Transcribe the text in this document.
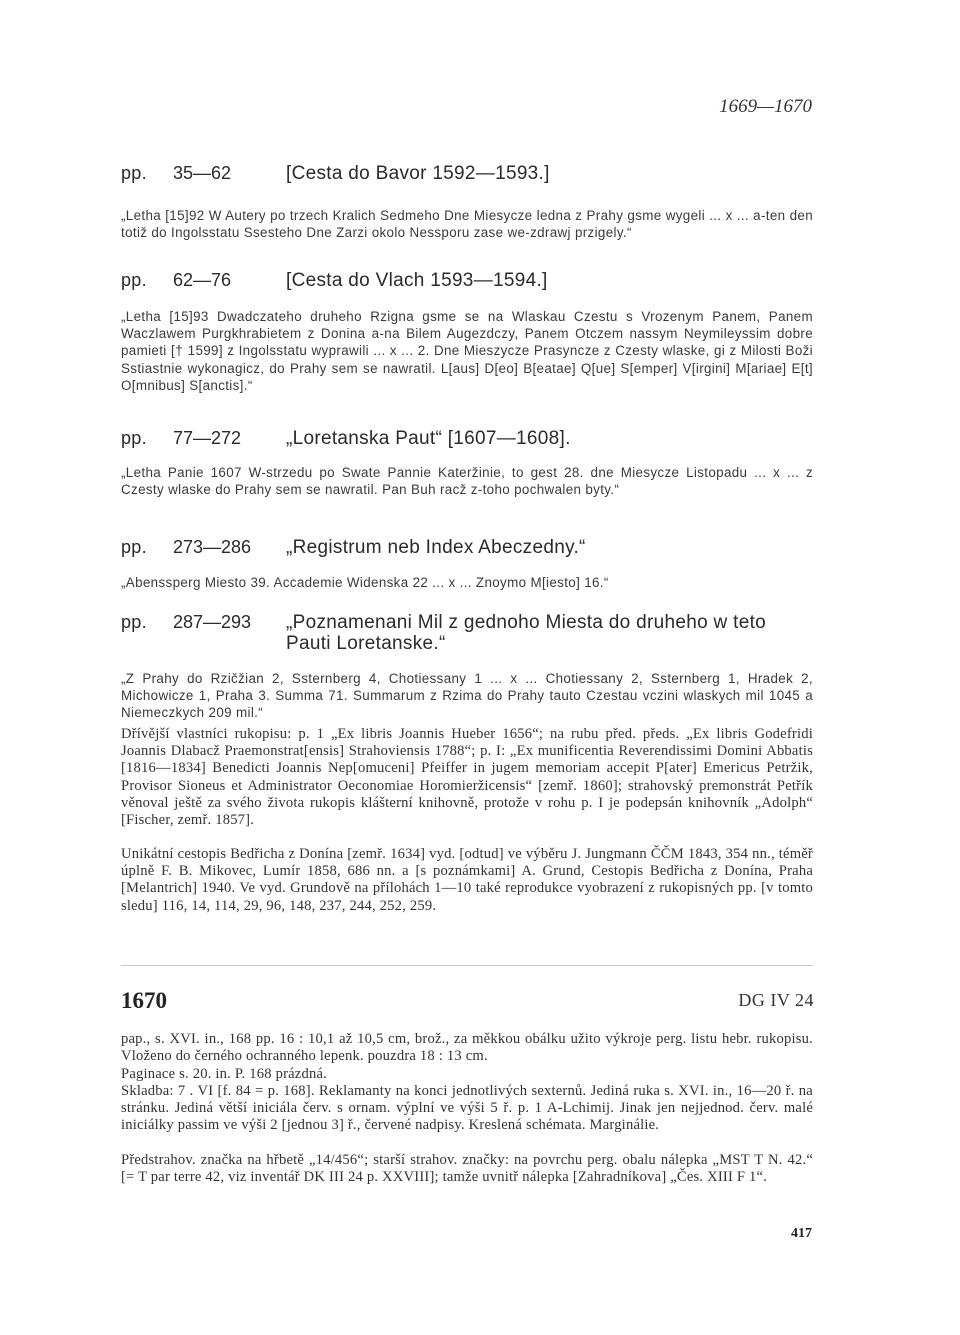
1669—1670
pp. 35—62	[Cesta do Bavor 1592—1593.]

„Letha [15]92 W Autery po trzech Kralich Sedmeho Dne Miesycze ledna z Prahy gsme wygeli ... x ... a-ten den totiž do Ingolsstatu Ssesteho Dne Zarzi okolo Nessporu zase we-zdrawj przigely.“

pp. 62—76	[Cesta do Vlach 1593—1594.]

„Letha [15]93 Dwadczateho druheho Rzigna gsme se na Wlaskau Czestu s Vrozenym Panem, Panem Waczlawem Purgkhrabietem z Donina a-na Bilem Augezdczy, Panem Otczem nassym Neymileyssim dobre pamieti [† 1599] z Ingolsstatu wyprawili ... x ... 2. Dne Mieszycze Prasyncze z Czesty wlaske, gi z Milosti Boži Sstiastnie wykonagicz, do Prahy sem se nawratil. L[aus] D[eo] B[eatae] Q[ue] S[emper] V[irgini] M[ariae] E[t] O[mnibus] S[anctis].“

pp. 77—272 „Loretanska Paut“ [1607—1608].

„Letha Panie 1607 W-strzedu po Swate Pannie Kateržinie, to gest 28. dne Miesycze Listopadu ... x ... z Czesty wlaske do Prahy sem se nawratil. Pan Buh racž z-toho pochwalen byty.“

pp. 273—286 „Registrum neb Index Abeczedny.“

„Abenssperg Miesto 39. Accademie Widenska 22 ... x ... Znoymo M[iesto] 16.“

pp. 287—293 „Poznamenani Mil z gednoho Miesta do druheho w teto
Pauti Loretanske.“

„Z Prahy do Rzičžian 2, Ssternberg 4, Chotiessany 1 ... x ... Chotiessany 2, Ssternberg 1, Hradek 2, Michowicze 1, Praha 3. Summa 71. Summarum z Rzima do Prahy tauto Czestau vczini wlaskych mil 1045 a Niemeczkych 209 mil.“

Dřívější vlastníci rukopisu: p. 1 „Ex libris Joannis Hueber 1656“; na rubu před. předs. „Ex libris Godefridi Joannis Dlabacž Praemonstrat[ensis] Strahoviensis 1788“; p. I: „Ex munificentia Reverendissimi Domini Abbatis [1816—1834] Benedicti Joannis Nep[omuceni] Pfeiffer in jugem memoriam accepit P[ater] Emericus Petržik, Provisor Sioneus et Administrator Oeconomiae Horomieržicensis“ [zemř. 1860]; strahovský premonstrát Petřík věnoval ještě za svého života rukopis klášterní knihovně, protože v rohu p. I je podepsán knihovník „Adolph“ [Fischer, zemř. 1857].

Unikátní cestopis Bedřicha z Donína [zemř. 1634] vyd. [odtud] ve výběru J. Jungmann ČČM 1843, 354 nn., téměř úplně F. B. Mikovec, Lumír 1858, 686 nn. a [s poznámkami] A. Grund, Cestopis Bedřicha z Donína, Praha [Melantrich] 1940. Ve vyd. Grundově na přílohách 1—10 také reprodukce vyobrazení z rukopisných pp. [v tomto sledu] 116, 14, 114, 29, 96, 148, 237, 244, 252, 259.

1670	DG IV 24

pap., s. XVI. in., 168 pp. 16 : 10,1 až 10,5 cm, brož., za měkkou obálku užito výkroje perg. listu hebr. rukopisu. Vloženo do černého ochranného lepenk. pouzdra 18 : 13 cm.

Paginace s. 20. in. P. 168 prázdná.

Skladba: 7 . VI [f. 84 = p. 168]. Reklamanty na konci jednotlivých sexternů. Jediná ruka s. XVI. in., 16—20 ř. na stránku. Jediná větší iniciála červ. s ornam. výplní ve výši 5 ř. p. 1 A-Lchimij. Jinak jen nejjednod. červ. malé iniciálky passim ve výši 2 [jednou 3] ř., červené nadpisy. Kreslená schémata. Marginálie.

Předstrahov. značka na hřbetě „14/456“; starší strahov. značky: na povrchu perg. obalu nálepka „MST T N. 42.“ [= T par terre 42, viz inventář DK III 24 p. XXVIII]; tamže uvnitř nálepka [Zahradníkova] „Čes. XIII F 1“.

417
